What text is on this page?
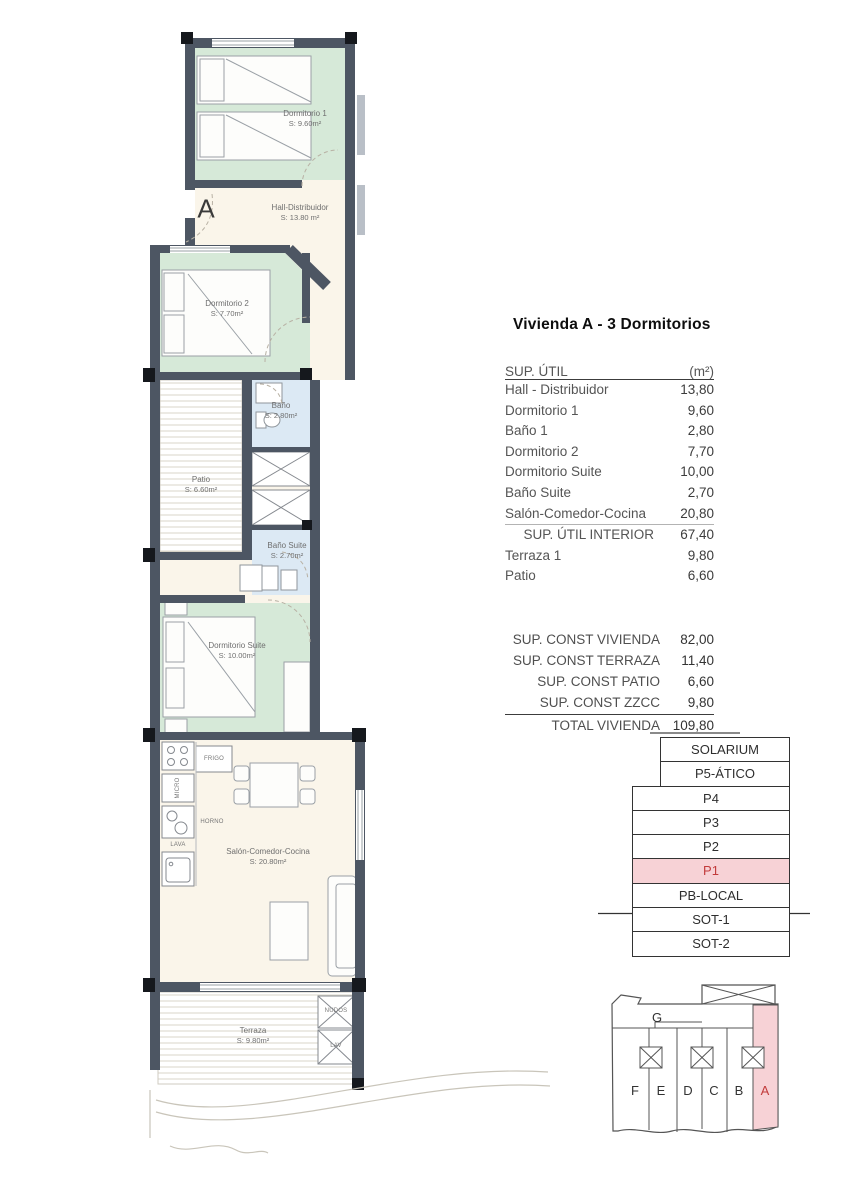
G
F E D C B A
A
Dormitorio 1
S: 9.60m²
Hall-Distribuidor
S: 13.80 m²
Dormitorio 2
S: 7.70m²
Baño
S: 2.80m²
Patio
S: 6.60m²
Baño Suite
S: 2.70m²
Dormitorio Suite
S: 10.00m²
Salón-Comedor-Cocina
S: 20.80m²
Terraza
S: 9.80m²
FRIGO
MICRO
HORNO
LAVA
NUDOS
LAV
Vivienda A - 3 Dormitorios
SUP. ÚTIL	(m²)
Hall - Distribuidor	13,80
Dormitorio 1	9,60
Baño 1	2,80
Dormitorio 2	7,70
Dormitorio Suite	10,00
Baño Suite	2,70
Salón-Comedor-Cocina	20,80
SUP. ÚTIL INTERIOR	67,40
Terraza 1	9,80
Patio	6,60
SUP. CONST VIVIENDA	82,00
SUP. CONST TERRAZA	11,40
SUP. CONST PATIO	6,60
SUP. CONST ZZCC	9,80
TOTAL VIVIENDA 109,80
SOLARIUM
P5-ÁTICO
P4
P3
P2
P1
PB-LOCAL
SOT-1
SOT-2
